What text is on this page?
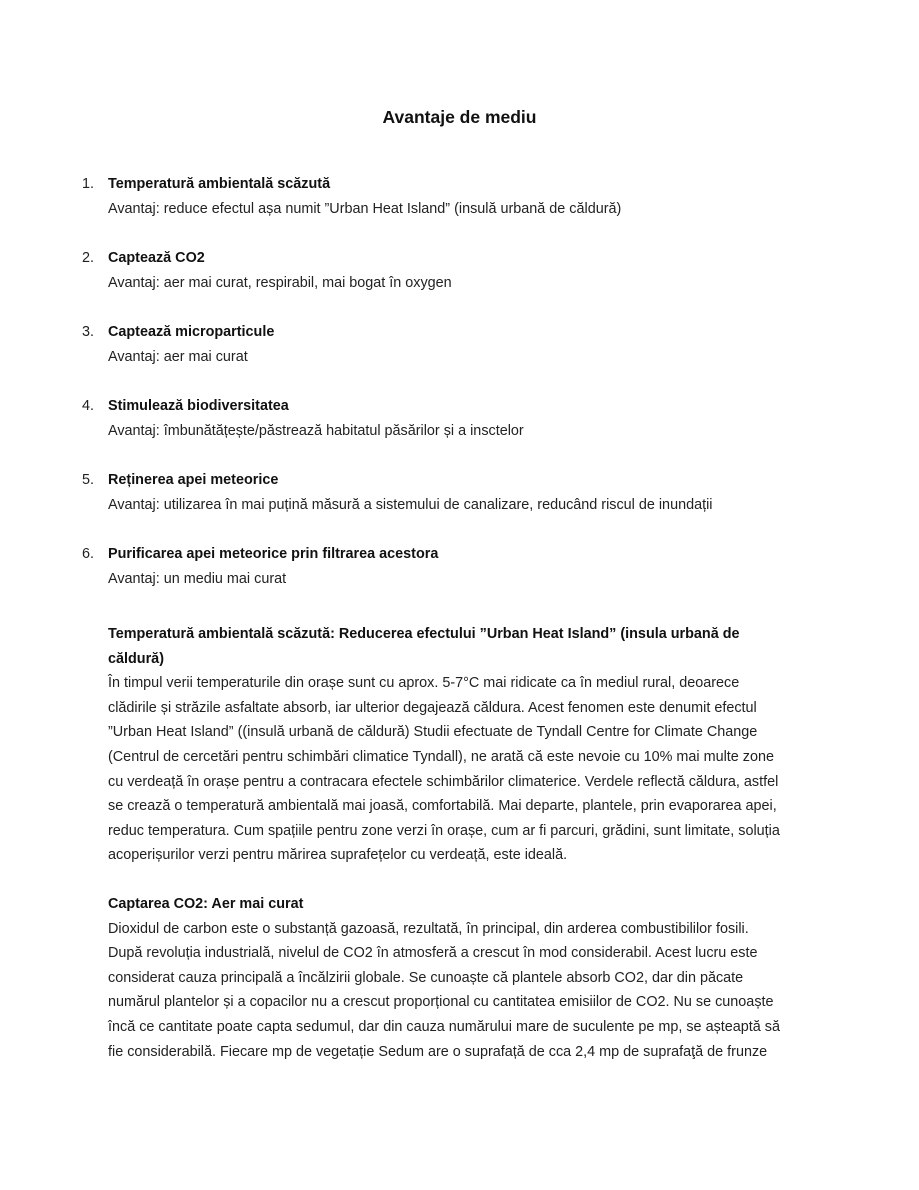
Avantaje de mediu
1. Temperatură ambientală scăzută
Avantaj: reduce efectul așa numit ”Urban Heat Island” (insulă urbană de căldură)
2. Captează CO2
Avantaj: aer mai curat, respirabil, mai bogat în oxygen
3. Captează microparticule
Avantaj: aer mai curat
4. Stimulează biodiversitatea
Avantaj: îmbunătățește/păstrează habitatul păsărilor și a insctelor
5. Reținerea apei meteorice
Avantaj: utilizarea în mai puțină măsură a sistemului de canalizare, reducând riscul de inundații
6. Purificarea apei meteorice prin filtrarea acestora
Avantaj: un mediu mai curat
Temperatură ambientală scăzută: Reducerea efectului ”Urban Heat Island” (insula urbană de
căldură)
În timpul verii temperaturile din orașe sunt cu aprox. 5-7°C mai ridicate ca în mediul rural, deoarece
clădirile și străzile asfaltate absorb, iar ulterior degajează căldura. Acest fenomen este denumit efectul
”Urban Heat Island” ((insulă urbană de căldură) Studii efectuate de Tyndall Centre for Climate Change
(Centrul de cercetări pentru schimbări climatice Tyndall), ne arată că este nevoie cu 10% mai multe zone
cu verdeață în orașe pentru a contracara efectele schimbărilor climaterice. Verdele reflectă căldura, astfel
se crează o temperatură ambientală mai joasă, comfortabilă. Mai departe, plantele, prin evaporarea apei,
reduc temperatura. Cum spațiile pentru zone verzi în orașe, cum ar fi parcuri, grădini, sunt limitate, soluția
acoperișurilor verzi pentru mărirea suprafețelor cu verdeață, este ideală.
Captarea CO2: Aer mai curat
Dioxidul de carbon este o substanță gazoasă, rezultată, în principal, din arderea combustibililor fosili.
După revoluția industrială, nivelul de CO2 în atmosferă a crescut în mod considerabil. Acest lucru este
considerat cauza principală a încălzirii globale. Se cunoaște că plantele absorb CO2, dar din păcate
numărul plantelor și a copacilor nu a crescut proporțional cu cantitatea emisiilor de CO2. Nu se cunoaște
încă ce cantitate poate capta sedumul, dar din cauza numărului mare de suculente pe mp, se așteaptă să
fie considerabilă. Fiecare mp de vegetație Sedum are o suprafață de cca 2,4 mp de suprafaţă de frunze
